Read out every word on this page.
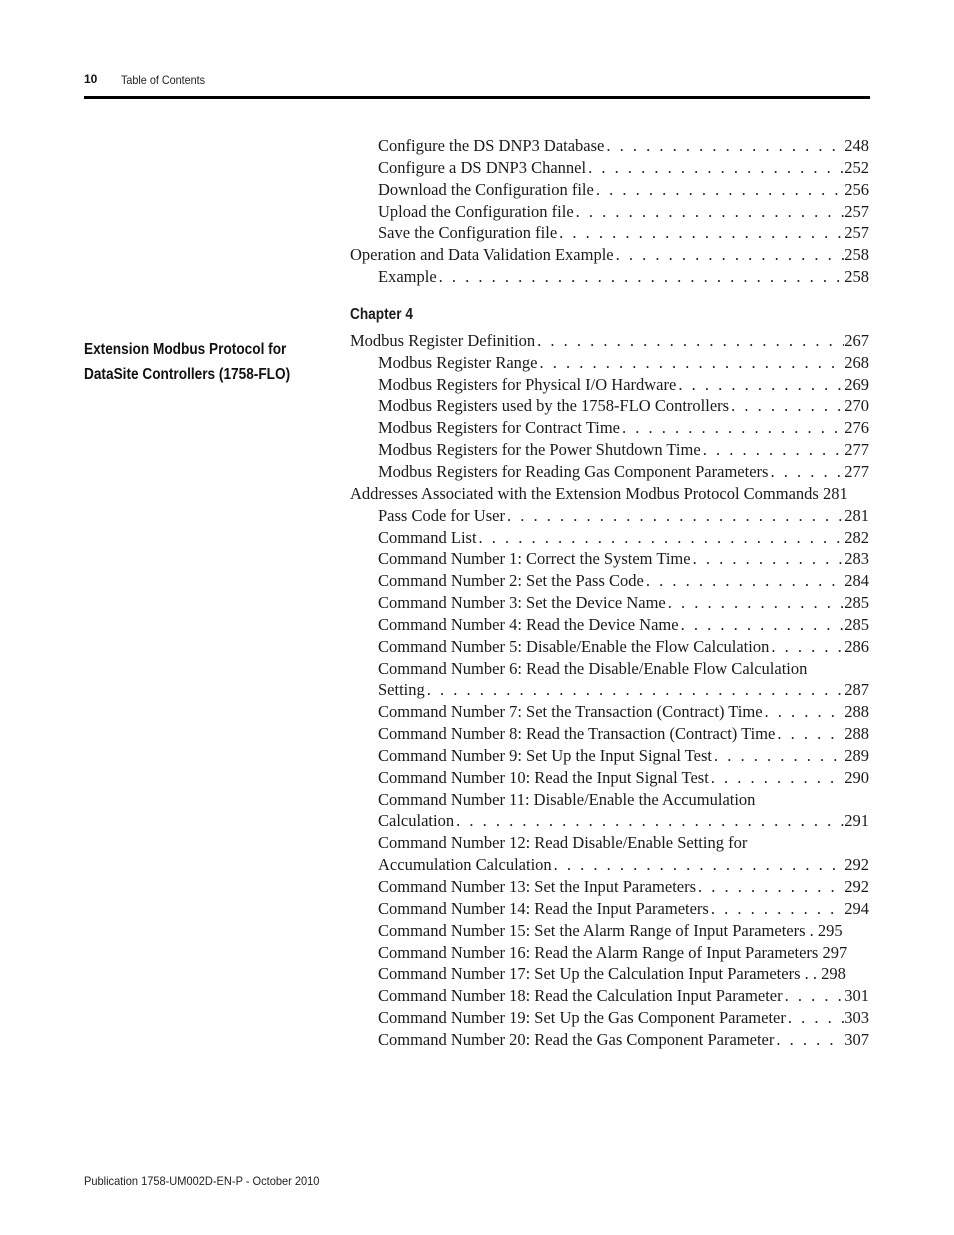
10 Table of Contents
Extension Modbus Protocol for DataSite Controllers (1758-FLO)
Configure the DS DNP3 Database . . .	248
Configure a DS DNP3 Channel . . .	252
Download the Configuration file . . .	256
Upload the Configuration file . . .	257
Save the Configuration file . . .	257
Operation and Data Validation Example . . .	258
Example . . .	258
Chapter 4
Modbus Register Definition . . .	267
Modbus Register Range . . .	268
Modbus Registers for Physical I/O Hardware . . .	269
Modbus Registers used by the 1758-FLO Controllers . . .	270
Modbus Registers for Contract Time . . .	276
Modbus Registers for the Power Shutdown Time . . .	277
Modbus Registers for Reading Gas Component Parameters . . .	277
Addresses Associated with the Extension Modbus Protocol Commands 281
Pass Code for User . . .	281
Command List . . .	282
Command Number 1: Correct the System Time . . .	283
Command Number 2: Set the Pass Code . . .	284
Command Number 3: Set the Device Name . . .	285
Command Number 4: Read the Device Name . . .	285
Command Number 5: Disable/Enable the Flow Calculation . . .	286
Command Number 6: Read the Disable/Enable Flow Calculation
Setting . . .	287
Command Number 7: Set the Transaction (Contract) Time . . .	288
Command Number 8: Read the Transaction (Contract) Time . . .	288
Command Number 9: Set Up the Input Signal Test . . .	289
Command Number 10: Read the Input Signal Test . . .	290
Command Number 11: Disable/Enable the Accumulation
Calculation . . .	291
Command Number 12: Read Disable/Enable Setting for
Accumulation Calculation . . .	292
Command Number 13: Set the Input Parameters . . .	292
Command Number 14: Read the Input Parameters . . .	294
Command Number 15: Set the Alarm Range of Input Parameters . 295
Command Number 16: Read the Alarm Range of Input Parameters 297
Command Number 17: Set Up the Calculation Input Parameters . . 298
Command Number 18: Read the Calculation Input Parameter . . .	301
Command Number 19: Set Up the Gas Component Parameter . . .	303
Command Number 20: Read the Gas Component Parameter . . .	307
Publication 1758-UM002D-EN-P - October 2010
